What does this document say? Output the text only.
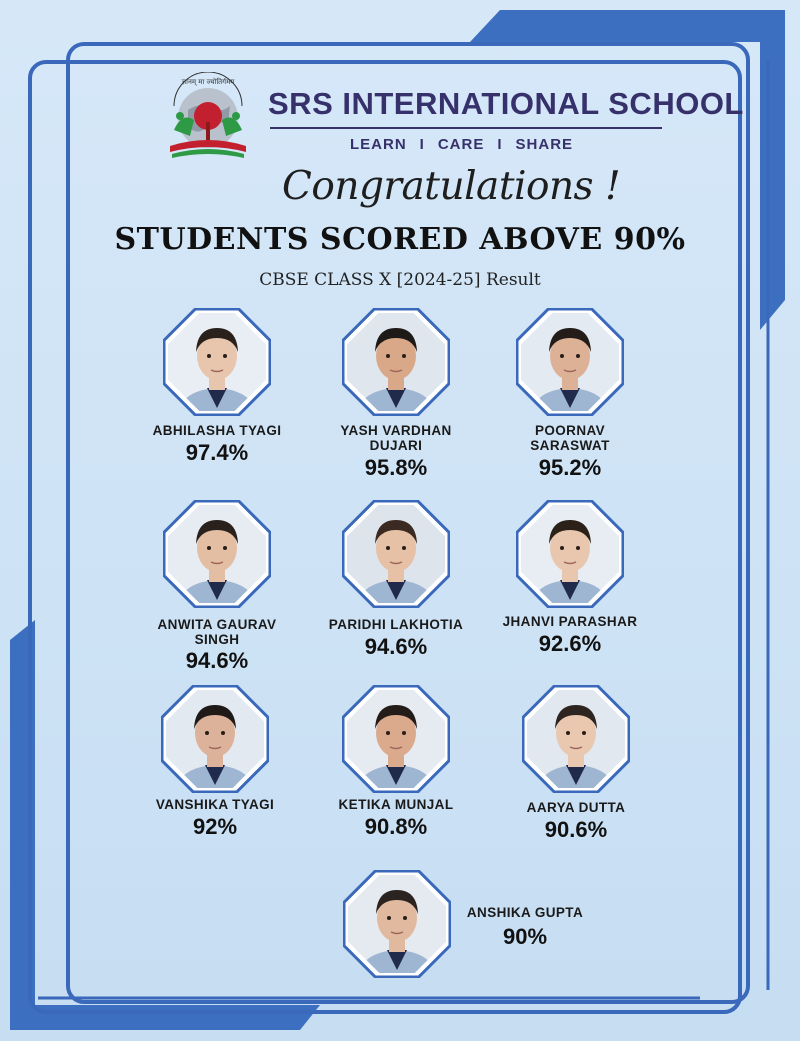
ज्ञानम् मा ज्योतिर्गमय
SRS INTERNATIONAL SCHOOL
LEARN I CARE I SHARE
Congratulations !
STUDENTS SCORED ABOVE 90%
CBSE CLASS X [2024-25] Result
ABHILASHA TYAGI
97.4%
YASH VARDHAN DUJARI
95.8%
POORNAV SARASWAT
95.2%
ANWITA GAURAV SINGH
94.6%
PARIDHI LAKHOTIA
94.6%
JHANVI PARASHAR
92.6%
VANSHIKA TYAGI
92%
KETIKA MUNJAL
90.8%
AARYA DUTTA
90.6%
ANSHIKA GUPTA
90%
